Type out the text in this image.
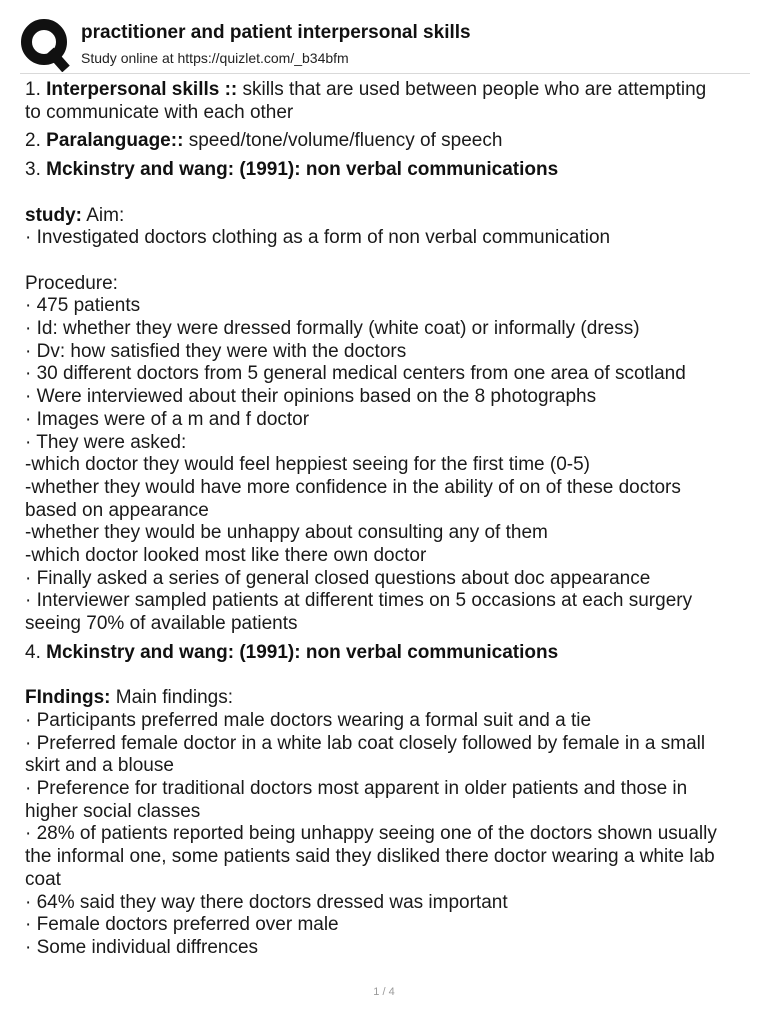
practitioner and patient interpersonal skills
Study online at https://quizlet.com/_b34bfm
1. Interpersonal skills :: skills that are used between people who are attempting
to communicate with each other
2. Paralanguage:: speed/tone/volume/fluency of speech
3. Mckinstry and wang: (1991): non verbal communications
study: Aim:
· Investigated doctors clothing as a form of non verbal communication
Procedure:
· 475 patients
· Id: whether they were dressed formally (white coat) or informally (dress)
· Dv: how satisfied they were with the doctors
· 30 different doctors from 5 general medical centers from one area of scotland
· Were interviewed about their opinions based on the 8 photographs
· Images were of a m and f doctor
· They were asked:
-which doctor they would feel heppiest seeing for the first time (0-5)
-whether they would have more confidence in the ability of on of these doctors
based on appearance
-whether they would be unhappy about consulting any of them
-which doctor looked most like there own doctor
· Finally asked a series of general closed questions about doc appearance
· Interviewer sampled patients at different times on 5 occasions at each surgery
seeing 70% of available patients
4. Mckinstry and wang: (1991): non verbal communications
FIndings: Main findings:
· Participants preferred male doctors wearing a formal suit and a tie
· Preferred female doctor in a white lab coat closely followed by female in a small
skirt and a blouse
· Preference for traditional doctors most apparent in older patients and those in
higher social classes
· 28% of patients reported being unhappy seeing one of the doctors shown usually
the informal one, some patients said they disliked there doctor wearing a white lab
coat
· 64% said they way there doctors dressed was important
· Female doctors preferred over male
· Some individual diffrences
1 / 4
